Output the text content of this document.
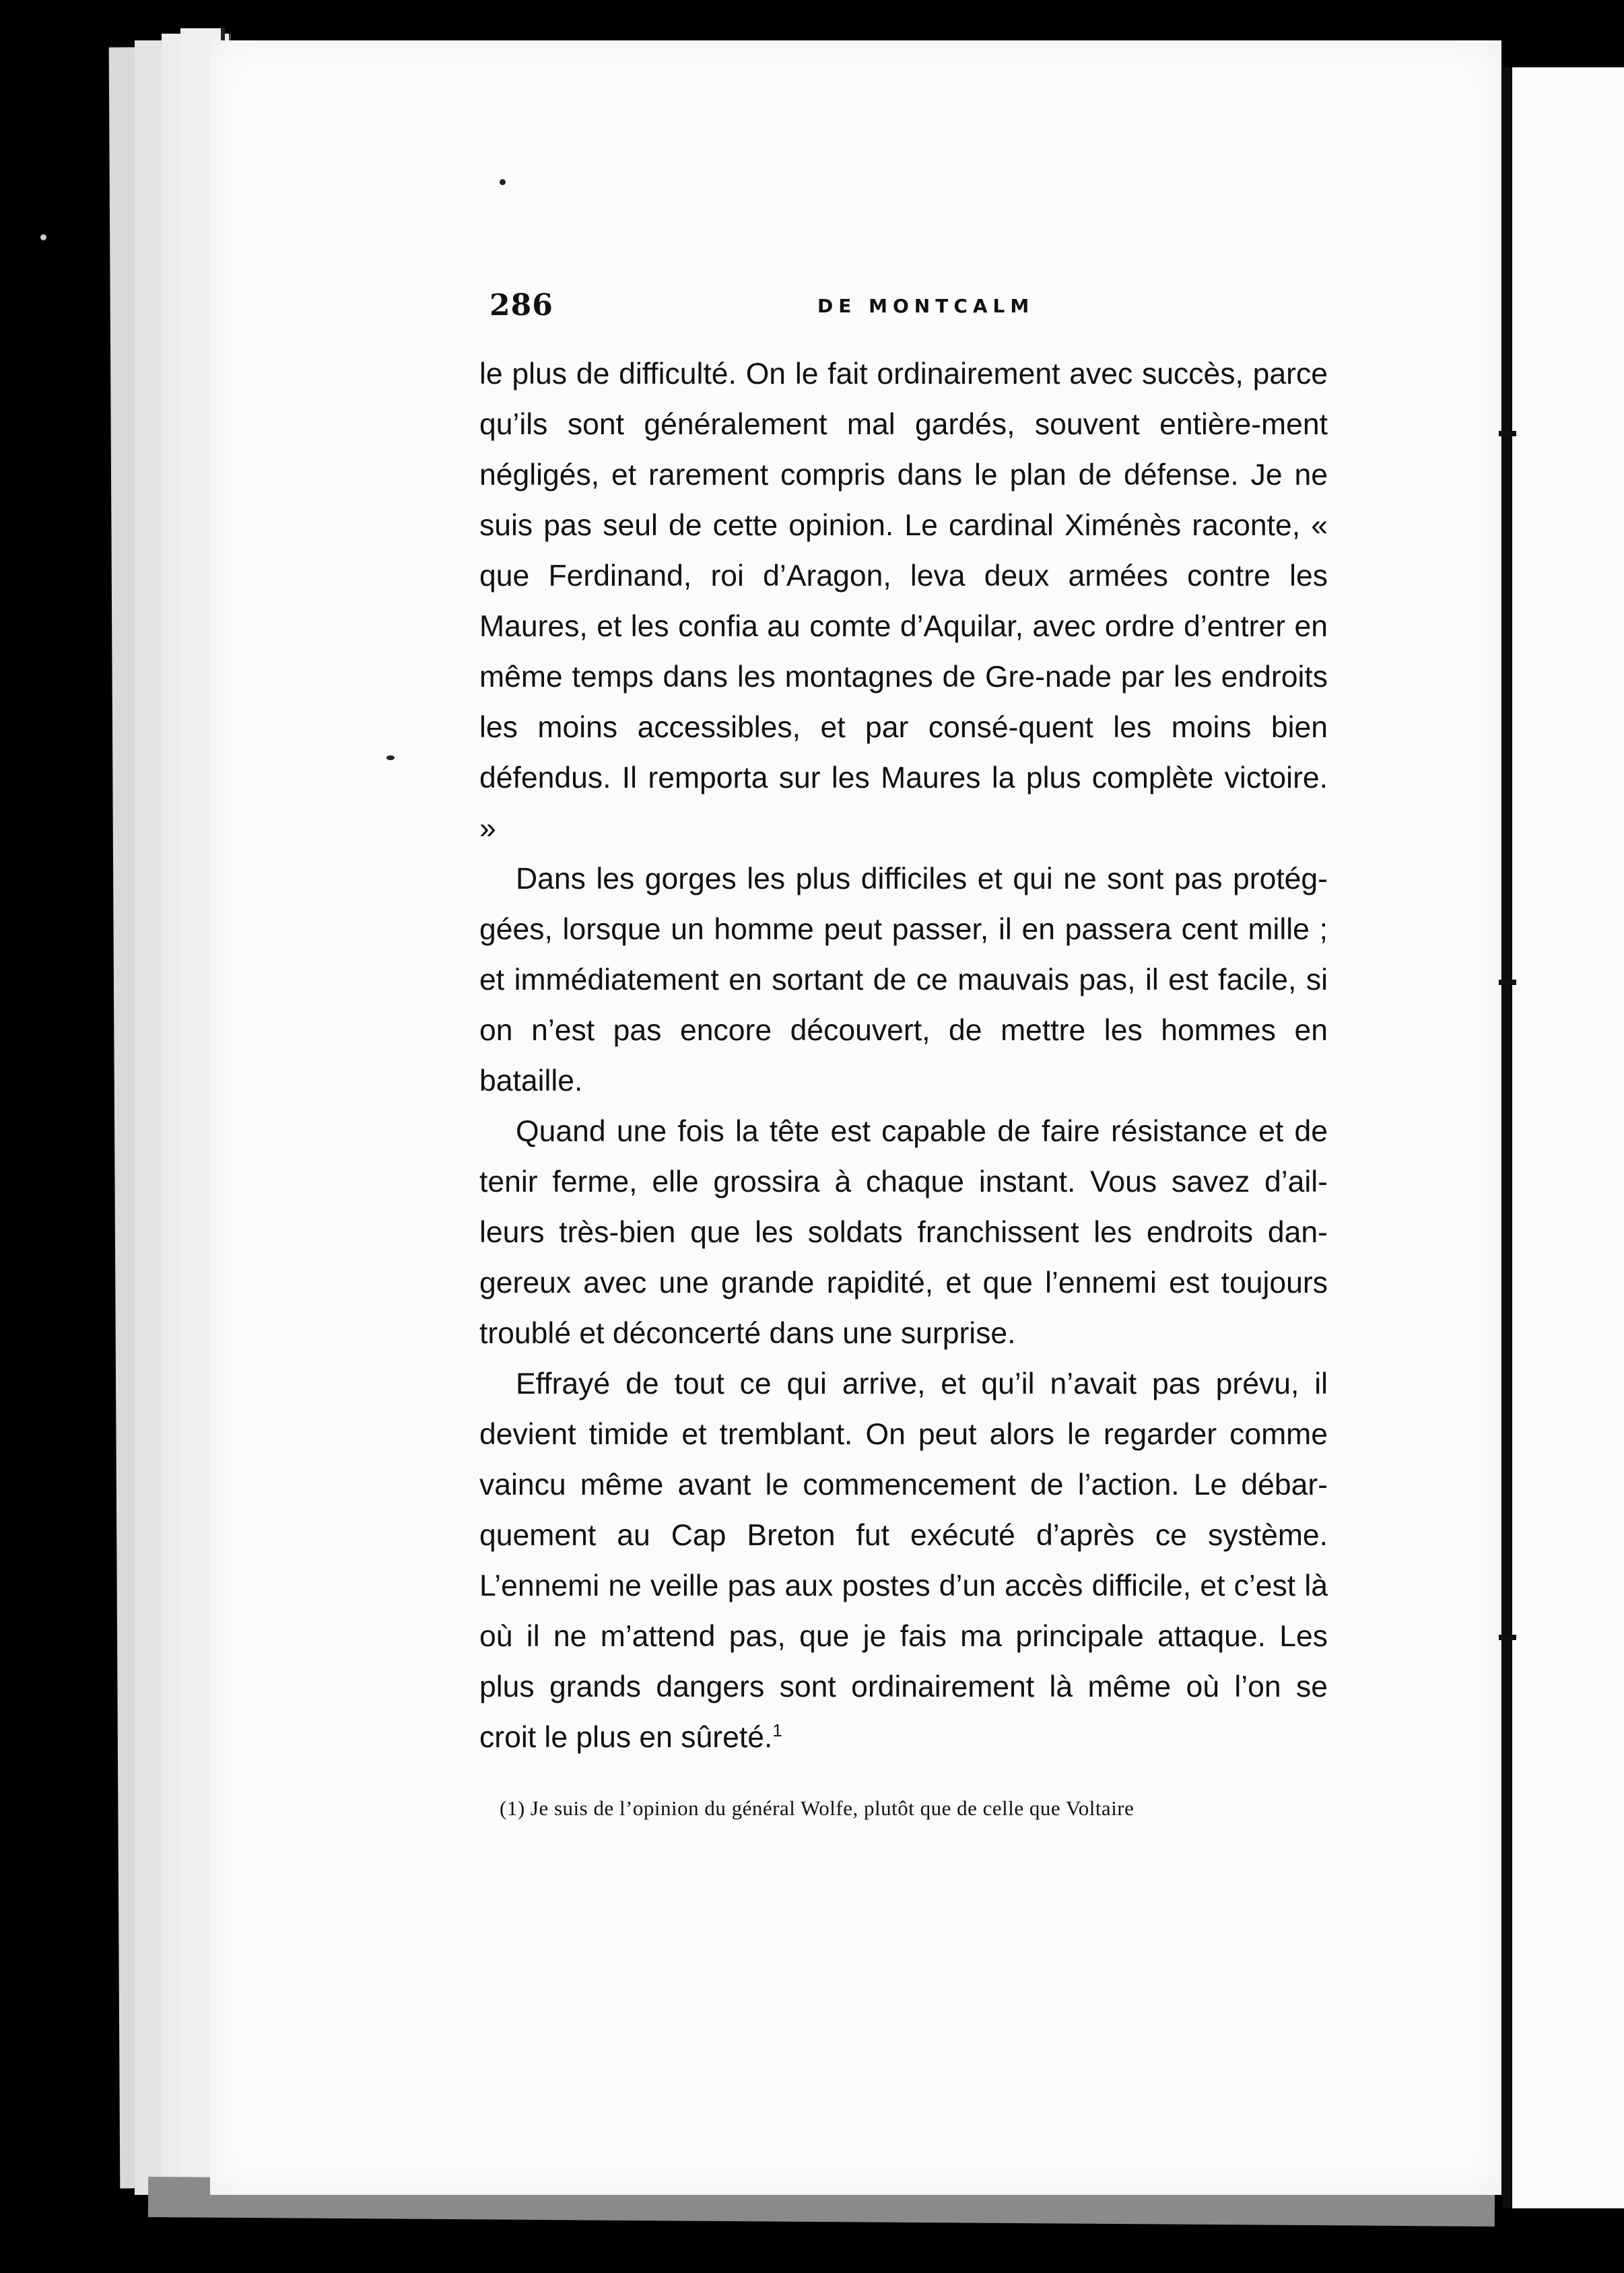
286	DE MONTCALM

le plus de difficulté. On le fait ordinairement avec succès, parce qu’ils sont généralement mal gardés, souvent entière-ment négligés, et rarement compris dans le plan de défense. Je ne suis pas seul de cette opinion. Le cardinal Ximénès raconte, « que Ferdinand, roi d’Aragon, leva deux armées contre les Maures, et les confia au comte d’Aquilar, avec ordre d’entrer en même temps dans les montagnes de Gre-nade par les endroits les moins accessibles, et par consé-quent les moins bien défendus. Il remporta sur les Maures la plus complète victoire. »

Dans les gorges les plus difficiles et qui ne sont pas protég-gées, lorsque un homme peut passer, il en passera cent mille ; et immédiatement en sortant de ce mauvais pas, il est facile, si on n’est pas encore découvert, de mettre les hommes en bataille.

Quand une fois la tête est capable de faire résistance et de tenir ferme, elle grossira à chaque instant. Vous savez d’ail-leurs très-bien que les soldats franchissent les endroits dan-gereux avec une grande rapidité, et que l’ennemi est toujours troublé et déconcerté dans une surprise.

Effrayé de tout ce qui arrive, et qu’il n’avait pas prévu, il devient timide et tremblant. On peut alors le regarder comme vaincu même avant le commencement de l’action. Le débar-quement au Cap Breton fut exécuté d’après ce système. L’ennemi ne veille pas aux postes d’un accès difficile, et c’est là où il ne m’attend pas, que je fais ma principale attaque. Les plus grands dangers sont ordinairement là même où l’on se croit le plus en sûreté.$^1$

(1) Je suis de l’opinion du général Wolfe, plutôt que de celle que Voltaire
